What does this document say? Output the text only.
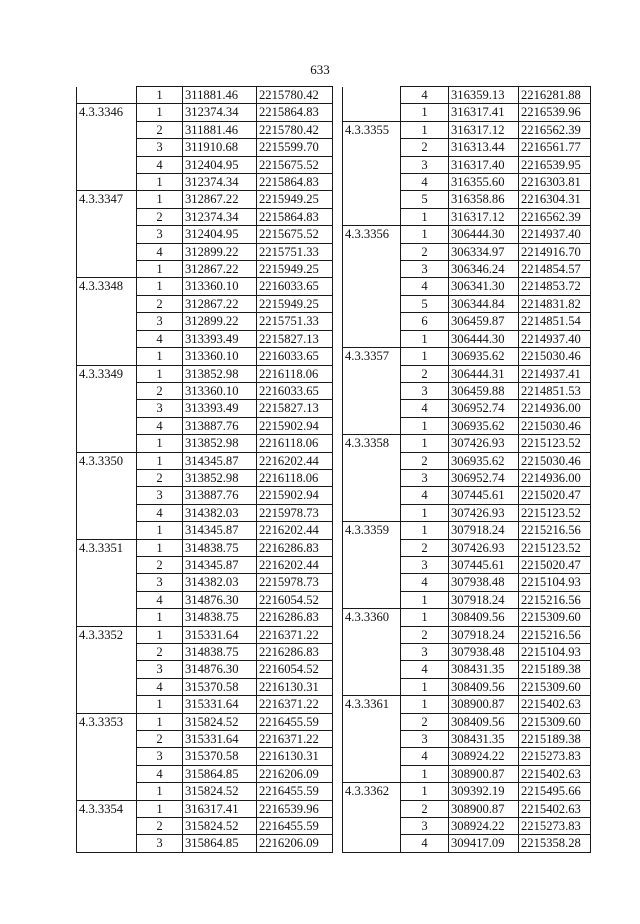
633
	1	311881.46	2215780.42
4.3.3346	1	312374.34	2215864.83
	2	311881.46	2215780.42
	3	311910.68	2215599.70
	4	312404.95	2215675.52
	1	312374.34	2215864.83
4.3.3347	1	312867.22	2215949.25
	2	312374.34	2215864.83
	3	312404.95	2215675.52
	4	312899.22	2215751.33
	1	312867.22	2215949.25
4.3.3348	1	313360.10	2216033.65
	2	312867.22	2215949.25
	3	312899.22	2215751.33
	4	313393.49	2215827.13
	1	313360.10	2216033.65
4.3.3349	1	313852.98	2216118.06
	2	313360.10	2216033.65
	3	313393.49	2215827.13
	4	313887.76	2215902.94
	1	313852.98	2216118.06
4.3.3350	1	314345.87	2216202.44
	2	313852.98	2216118.06
	3	313887.76	2215902.94
	4	314382.03	2215978.73
	1	314345.87	2216202.44
4.3.3351	1	314838.75	2216286.83
	2	314345.87	2216202.44
	3	314382.03	2215978.73
	4	314876.30	2216054.52
	1	314838.75	2216286.83
4.3.3352	1	315331.64	2216371.22
	2	314838.75	2216286.83
	3	314876.30	2216054.52
	4	315370.58	2216130.31
	1	315331.64	2216371.22
4.3.3353	1	315824.52	2216455.59
	2	315331.64	2216371.22
	3	315370.58	2216130.31
	4	315864.85	2216206.09
	1	315824.52	2216455.59
4.3.3354	1	316317.41	2216539.96
	2	315824.52	2216455.59
	3	315864.85	2216206.09
	4	316359.13	2216281.88
	1	316317.41	2216539.96
4.3.3355	1	316317.12	2216562.39
	2	316313.44	2216561.77
	3	316317.40	2216539.95
	4	316355.60	2216303.81
	5	316358.86	2216304.31
	1	316317.12	2216562.39
4.3.3356	1	306444.30	2214937.40
	2	306334.97	2214916.70
	3	306346.24	2214854.57
	4	306341.30	2214853.72
	5	306344.84	2214831.82
	6	306459.87	2214851.54
	1	306444.30	2214937.40
4.3.3357	1	306935.62	2215030.46
	2	306444.31	2214937.41
	3	306459.88	2214851.53
	4	306952.74	2214936.00
	1	306935.62	2215030.46
4.3.3358	1	307426.93	2215123.52
	2	306935.62	2215030.46
	3	306952.74	2214936.00
	4	307445.61	2215020.47
	1	307426.93	2215123.52
4.3.3359	1	307918.24	2215216.56
	2	307426.93	2215123.52
	3	307445.61	2215020.47
	4	307938.48	2215104.93
	1	307918.24	2215216.56
4.3.3360	1	308409.56	2215309.60
	2	307918.24	2215216.56
	3	307938.48	2215104.93
	4	308431.35	2215189.38
	1	308409.56	2215309.60
4.3.3361	1	308900.87	2215402.63
	2	308409.56	2215309.60
	3	308431.35	2215189.38
	4	308924.22	2215273.83
	1	308900.87	2215402.63
4.3.3362	1	309392.19	2215495.66
	2	308900.87	2215402.63
	3	308924.22	2215273.83
	4	309417.09	2215358.28
